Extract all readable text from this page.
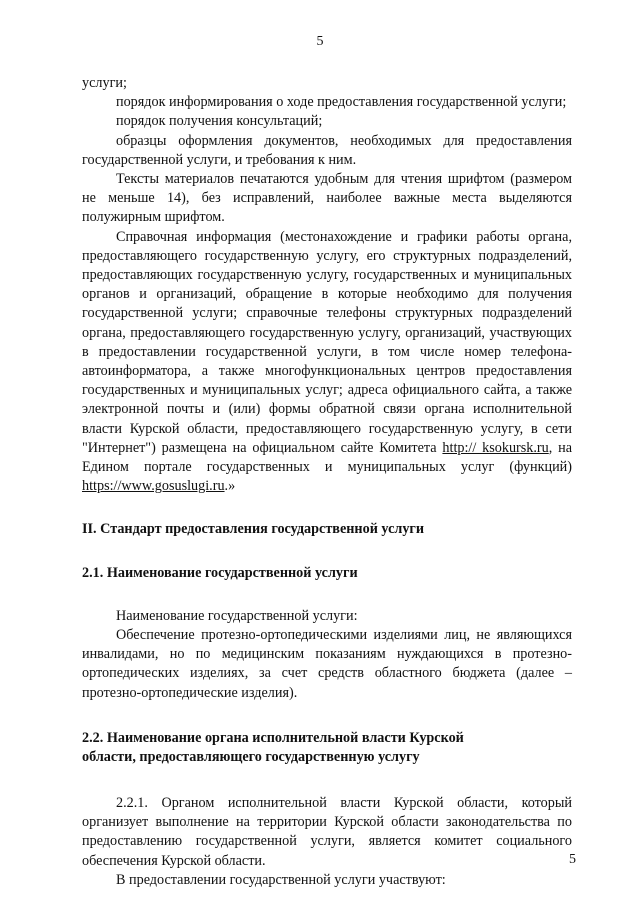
5

услуги;

порядок информирования о ходе предоставления государственной услуги;

порядок получения консультаций;

образцы оформления документов, необходимых для предоставления государственной услуги, и требования к ним.

Тексты материалов печатаются удобным для чтения шрифтом (размером не меньше 14), без исправлений, наиболее важные места выделяются полужирным шрифтом.

Справочная информация (местонахождение и графики работы органа, предоставляющего государственную услугу, его структурных подразделений, предоставляющих государственную услугу, государственных и муниципальных органов и организаций, обращение в которые необходимо для получения государственной услуги; справочные телефоны структурных подразделений органа, предоставляющего государственную услугу, организаций, участвующих в предоставлении государственной услуги, в том числе номер телефона-автоинформатора, а также многофункциональных центров предоставления государственных и муниципальных услуг; адреса официального сайта, а также электронной почты и (или) формы обратной связи органа исполнительной власти Курской области, предоставляющего государственную услугу, в сети "Интернет") размещена на официальном сайте Комитета http:// ksokursk.ru, на Едином портале государственных и муниципальных услуг (функций) https://www.gosuslugi.ru.»

II. Стандарт предоставления государственной услуги

2.1. Наименование государственной услуги

Наименование государственной услуги:

Обеспечение протезно-ортопедическими изделиями лиц, не являющихся инвалидами, но по медицинским показаниям нуждающихся в протезно-ортопедических изделиях, за счет средств областного бюджета (далее – протезно-ортопедические изделия).

2.2. Наименование органа исполнительной власти Курской
области, предоставляющего государственную услугу

2.2.1. Органом исполнительной власти Курской области, который организует выполнение на территории Курской области законодательства по предоставлению государственной услуги, является комитет социального обеспечения Курской области.

В предоставлении государственной услуги участвуют:

5
